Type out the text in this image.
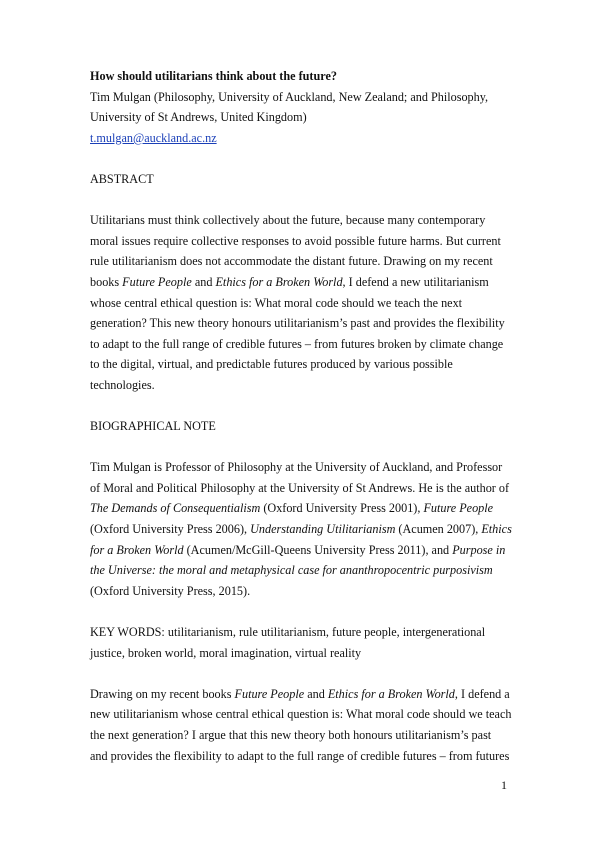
How should utilitarians think about the future?

Tim Mulgan (Philosophy, University of Auckland, New Zealand; and Philosophy,

University of St Andrews, United Kingdom)

t.mulgan@auckland.ac.nz

ABSTRACT

Utilitarians must think collectively about the future, because many contemporary

moral issues require collective responses to avoid possible future harms. But current

rule utilitarianism does not accommodate the distant future. Drawing on my recent

books Future People and Ethics for a Broken World, I defend a new utilitarianism

whose central ethical question is: What moral code should we teach the next

generation? This new theory honours utilitarianism’s past and provides the flexibility

to adapt to the full range of credible futures – from futures broken by climate change

to the digital, virtual, and predictable futures produced by various possible

technologies.

BIOGRAPHICAL NOTE

Tim Mulgan is Professor of Philosophy at the University of Auckland, and Professor

of Moral and Political Philosophy at the University of St Andrews. He is the author of

The Demands of Consequentialism (Oxford University Press 2001), Future People

(Oxford University Press 2006), Understanding Utilitarianism (Acumen 2007), Ethics

for a Broken World (Acumen/McGill-Queens University Press 2011), and Purpose in

the Universe: the moral and metaphysical case for ananthropocentric purposivism

(Oxford University Press, 2015).

KEY WORDS: utilitarianism, rule utilitarianism, future people, intergenerational

justice, broken world, moral imagination, virtual reality

Drawing on my recent books Future People and Ethics for a Broken World, I defend a

new utilitarianism whose central ethical question is: What moral code should we teach

the next generation? I argue that this new theory both honours utilitarianism’s past

and provides the flexibility to adapt to the full range of credible futures – from futures

1
